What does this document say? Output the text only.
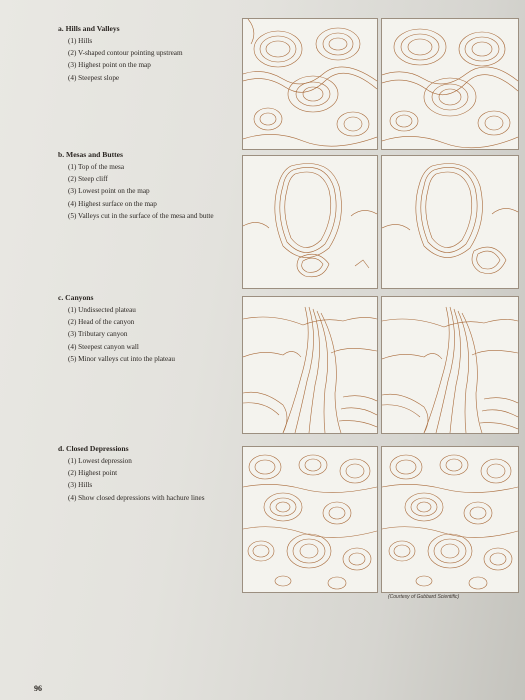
a. Hills and Valleys
(1) Hills
(2) V-shaped contour pointing upstream
(3) Highest point on the map
(4) Steepest slope
b. Mesas and Buttes
(1) Top of the mesa
(2) Steep cliff
(3) Lowest point on the map
(4) Highest surface on the map
(5) Valleys cut in the surface of the mesa and butte
c. Canyons
(1) Undissected plateau
(2) Head of the canyon
(3) Tributary canyon
(4) Steepest canyon wall
(5) Minor valleys cut into the plateau
d. Closed Depressions
(1) Lowest depression
(2) Highest point
(3) Hills
(4) Show closed depressions with hachure lines
(Courtesy of Gubbard Scientific)
96
